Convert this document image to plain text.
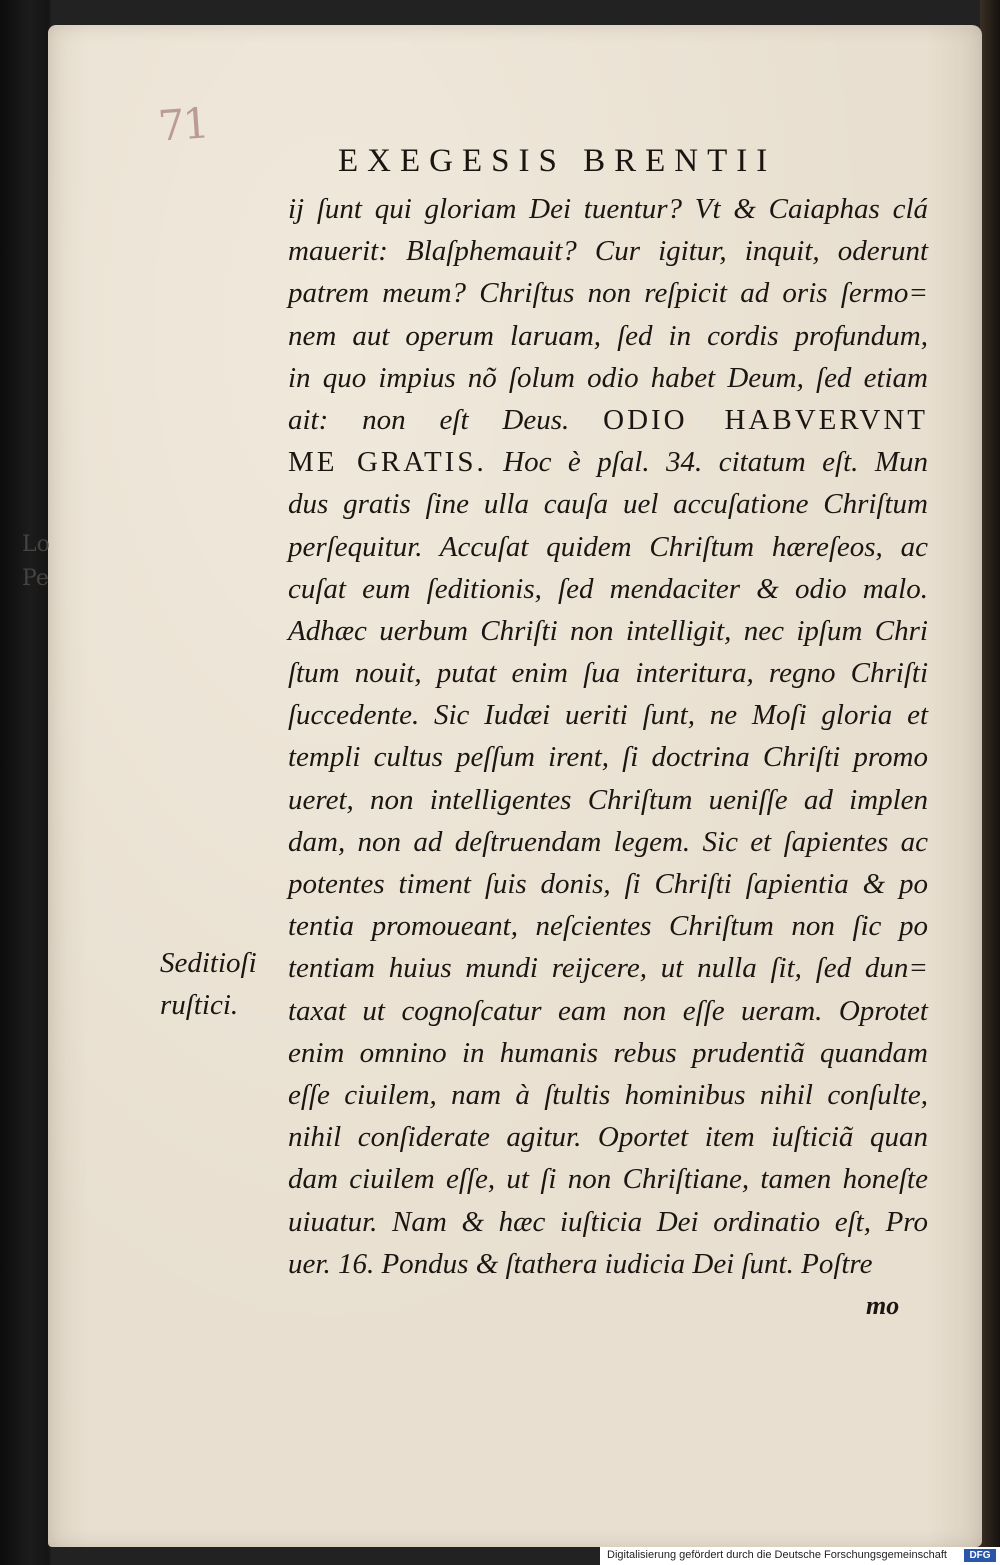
Lo
Pe
71
EXEGESIS BRENTII
ij ſunt qui gloriam Dei tuentur? Vt & Caiaphas clá
mauerit: Blaſphemauit? Cur igitur, inquit, oderunt
patrem meum? Chriſtus non reſpicit ad oris ſermo=
nem aut operum laruam, ſed in cordis profundum,
in quo impius nõ ſolum odio habet Deum, ſed etiam
ait: non eſt Deus. ODIO HABVERVNT
ME GRATIS. Hoc è pſal. 34. citatum eſt. Mun
dus gratis ſine ulla cauſa uel accuſatione Chriſtum
perſequitur. Accuſat quidem Chriſtum hæreſeos, ac
cuſat eum ſeditionis, ſed mendaciter & odio malo.
Adhæc uerbum Chriſti non intelligit, nec ipſum Chri
ſtum nouit, putat enim ſua interitura, regno Chriſti
ſuccedente. Sic Iudæi ueriti ſunt, ne Moſi gloria et
templi cultus peſſum irent, ſi doctrina Chriſti promo
ueret, non intelligentes Chriſtum ueniſſe ad implen
dam, non ad deſtruendam legem. Sic et ſapientes ac
potentes timent ſuis donis, ſi Chriſti ſapientia & po
tentia promoueant, neſcientes Chriſtum non ſic po
tentiam huius mundi reijcere, ut nulla ſit, ſed dun=
taxat ut cognoſcatur eam non eſſe ueram. Oprotet
enim omnino in humanis rebus prudentiã quandam
eſſe ciuilem, nam à ſtultis hominibus nihil conſulte,
nihil conſiderate agitur. Oportet item iuſticiã quan
dam ciuilem eſſe, ut ſi non Chriſtiane, tamen honeſte
uiuatur. Nam & hæc iuſticia Dei ordinatio eſt, Pro
uer. 16. Pondus & ſtathera iudicia Dei ſunt. Poſtre
Seditioſi
ruſtici.
mo
Digitalisierung gefördert durch die Deutsche Forschungsgemeinschaft	DFG
